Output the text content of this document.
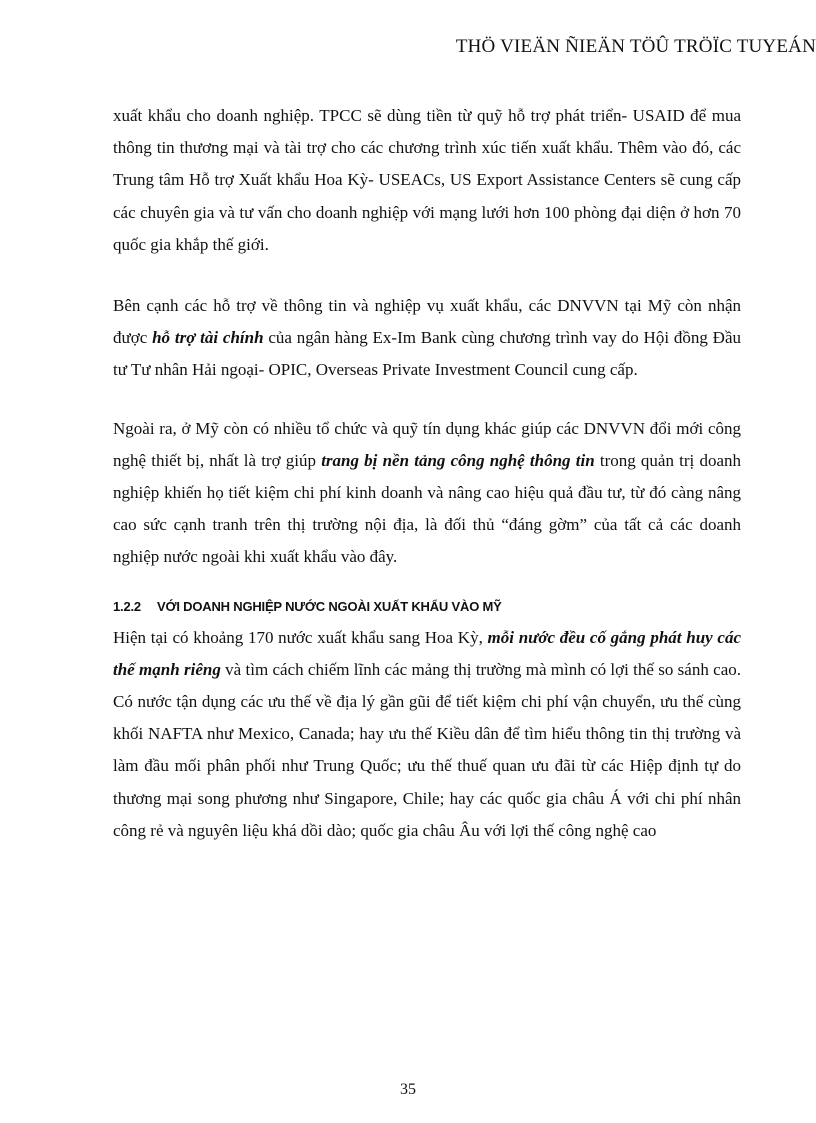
THÖ VIEÄN ÑIEÄN TÖÛ TRÖÏC TUYEÁN

xuất khẩu cho doanh nghiệp. TPCC sẽ dùng tiền từ quỹ hỗ trợ phát triển- USAID để mua thông tin thương mại và tài trợ cho các chương trình xúc tiến xuất khẩu. Thêm vào đó, các Trung tâm Hỗ trợ Xuất khẩu Hoa Kỳ- USEACs, US Export Assistance Centers sẽ cung cấp các chuyên gia và tư vấn cho doanh nghiệp với mạng lưới hơn 100 phòng đại diện ở hơn 70 quốc gia khắp thế giới.

Bên cạnh các hỗ trợ về thông tin và nghiệp vụ xuất khẩu, các DNVVN tại Mỹ còn nhận được hỗ trợ tài chính của ngân hàng Ex-Im Bank cùng chương trình vay do Hội đồng Đầu tư Tư nhân Hải ngoại- OPIC, Overseas Private Investment Council cung cấp.

Ngoài ra, ở Mỹ còn có nhiều tổ chức và quỹ tín dụng khác giúp các DNVVN đổi mới công nghệ thiết bị, nhất là trợ giúp trang bị nền tảng công nghệ thông tin trong quản trị doanh nghiệp khiến họ tiết kiệm chi phí kinh doanh và nâng cao hiệu quả đầu tư, từ đó càng nâng cao sức cạnh tranh trên thị trường nội địa, là đối thủ “đáng gờm” của tất cả các doanh nghiệp nước ngoài khi xuất khẩu vào đây.

1.2.2 VỚI DOANH NGHIỆP NƯỚC NGOÀI XUẤT KHẨU VÀO MỸ

Hiện tại có khoảng 170 nước xuất khẩu sang Hoa Kỳ, mỗi nước đều cố gắng phát huy các thế mạnh riêng và tìm cách chiếm lĩnh các mảng thị trường mà mình có lợi thế so sánh cao. Có nước tận dụng các ưu thế về địa lý gần gũi để tiết kiệm chi phí vận chuyển, ưu thế cùng khối NAFTA như Mexico, Canada; hay ưu thế Kiều dân để tìm hiểu thông tin thị trường và làm đầu mối phân phối như Trung Quốc; ưu thế thuế quan ưu đãi từ các Hiệp định tự do thương mại song phương như Singapore, Chile; hay các quốc gia châu Á với chi phí nhân công rẻ và nguyên liệu khá dồi dào; quốc gia châu Âu với lợi thế công nghệ cao

35
